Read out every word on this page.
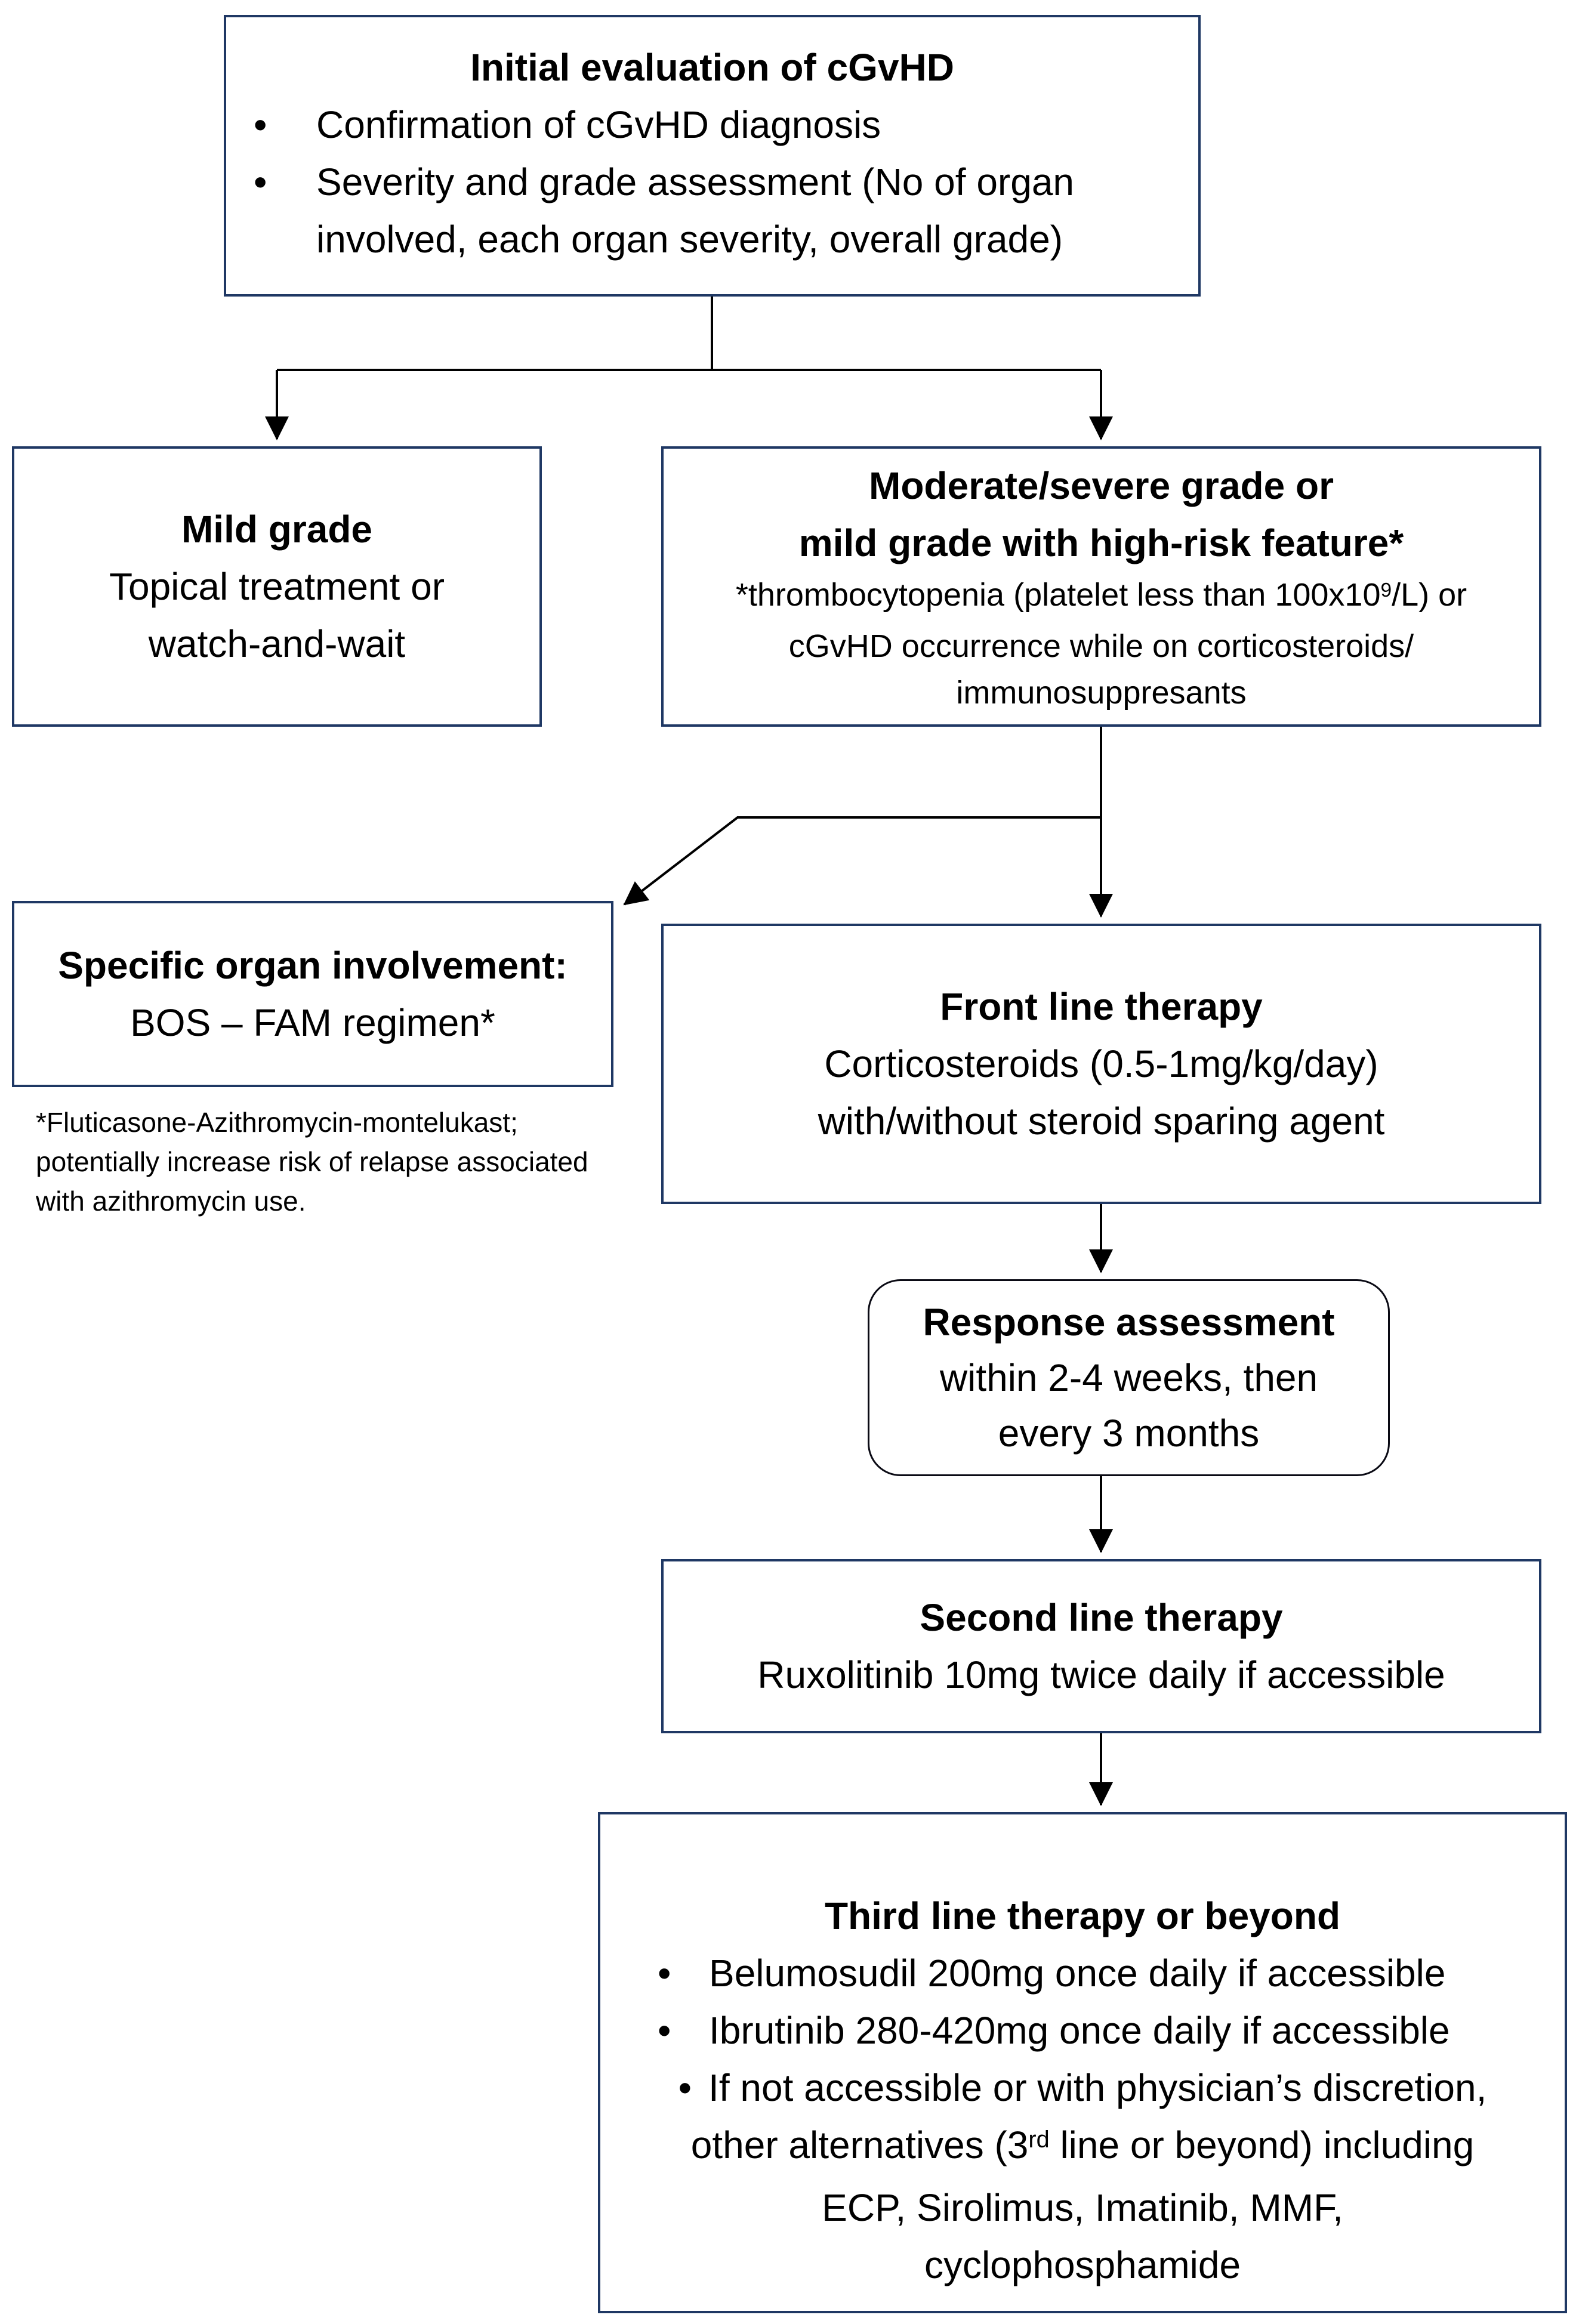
Initial evaluation of cGvHD
•	Confirmation of cGvHD diagnosis
•	Severity and grade assessment (No of organ involved, each organ severity, overall grade)
Mild grade
Topical treatment or
watch-and-wait
Moderate/severe grade or
mild grade with high-risk feature*
*thrombocytopenia (platelet less than $100x10^9/L$) or cGvHD occurrence while on corticosteroids/ immunosuppresants
Specific organ involvement:
BOS – FAM regimen*
*Fluticasone-Azithromycin-montelukast; potentially increase risk of relapse associated with azithromycin use.
Front line therapy
Corticosteroids (0.5-1mg/kg/day)
with/without steroid sparing agent
Response assessment
within 2-4 weeks, then
every 3 months
Second line therapy
Ruxolitinib 10mg twice daily if accessible
Third line therapy or beyond
• Belumosudil 200mg once daily if accessible
• Ibrutinib 280-420mg once daily if accessible
• If not accessible or with physician’s discretion, other alternatives (3rd line or beyond) including ECP, Sirolimus, Imatinib, MMF, cyclophosphamide
